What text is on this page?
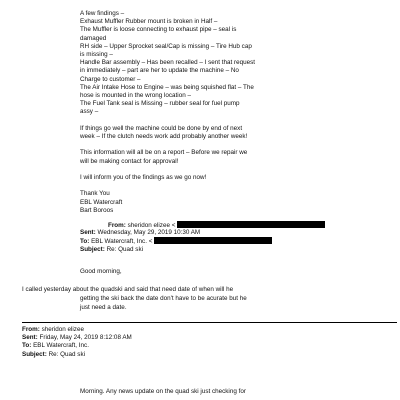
A few findings –
Exhaust Muffler Rubber mount is broken in Half –
The Muffler is loose connecting to exhaust pipe – seal is
damaged
RH side – Upper Sprocket seal/Cap is missing – Tire Hub cap
is missing –
Handle Bar assembly – Has been recalled – I sent that request
in immediately – part are her to update the machine – No
Charge to customer –
The Air Intake Hose to Engine – was being squished flat – The
hose is mounted in the wrong location –
The Fuel Tank seal is Missing – rubber seal for fuel pump
assy –
If things go well the machine could be done by end of next
week – If the clutch needs work add probably another week!
This information will all be on a report – Before we repair we
will be making contact for approval!
I will inform you of the findings as we go now!
Thank You
EBL Watercraft
Bart Boroos
From: sheridon elizee <
Sent: Wednesday, May 29, 2019 10:30 AM
To: EBL Watercraft, Inc. <
Subject: Re: Quad ski
Good morning,
I called yesterday about the quadski and said that need date of when will he
getting the ski back the date don't have to be acurate but he
just need a date.
From: sheridon elizee
Sent: Friday, May 24, 2019 8:12:08 AM
To: EBL Watercraft, Inc.
Subject: Re: Quad ski
Morning. Any news update on the quad ski just checking for
